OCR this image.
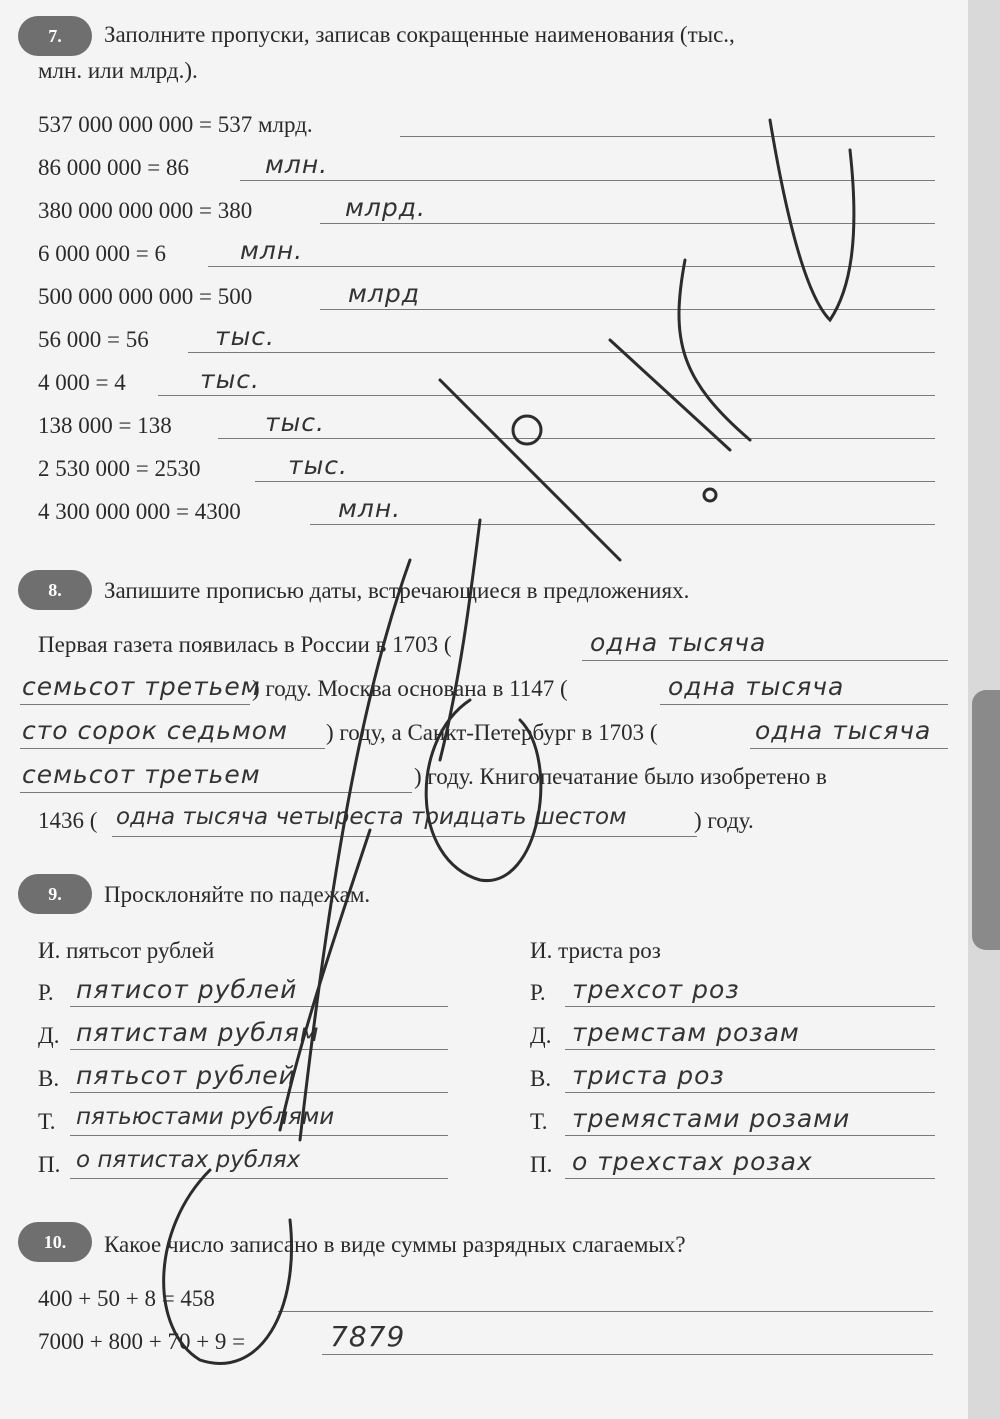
7.	Заполните пропуски, записав сокращенные наименования (тыс.,
млн. или млрд.).
537 000 000 000 = 537 млрд.
86 000 000 = 86	млн.
380 000 000 000 = 380	млрд.
6 000 000 = 6	млн.
500 000 000 000 = 500	млрд
56 000 = 56	тыс.
4 000 = 4	тыс.
138 000 = 138	тыс.
2 530 000 = 2530	тыс.
4 300 000 000 = 4300	млн.
8.	Запишите прописью даты, встречающиеся в предложениях.
Первая газета появилась в России в 1703 (	одна тысяча
семьсот третьем
) году. Москва основана в 1147 (	одна тысяча
сто сорок седьмом ) году, а Санкт-Петербург в 1703 (	одна тысяча
семьсот третьем	) году. Книгопечатание было изобретено в
1436 ( одна тысяча четыреста тридцать шестом	) году.
9.	Просклоняйте по падежам.
И. пятьсот рублей
Р. пятисот рублей
Д. пятистам рублям
В. пятьсот рублей
Т. пятьюстами рублями
П. о пятистах рублях
И. триста роз
Р. трехсот роз
Д. тремстам розам
В. триста роз
Т. тремястами розами
П. о трехстах розах
10.	Какое число записано в виде суммы разрядных слагаемых?
400 + 50 + 8 = 458
7000 + 800 + 70 + 9 =	7879
